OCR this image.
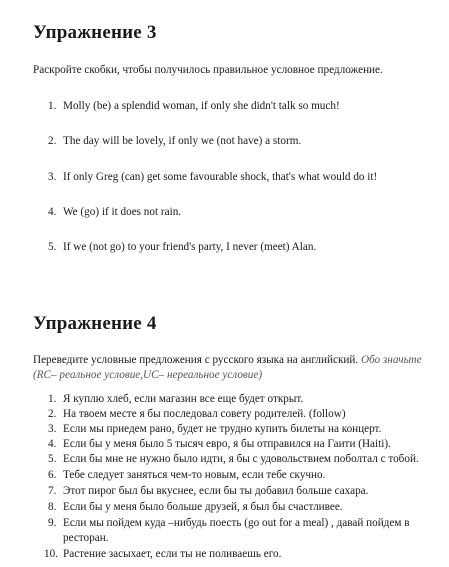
Упражнение 3
Раскройте скобки, чтобы получилось правильное условное предложение.
1. Molly (be) a splendid woman, if only she didn't talk so much!
2. The day will be lovely, if only we (not have) a storm.
3. If only Greg (can) get some favourable shock, that's what would do it!
4. We (go) if it does not rain.
5. If we (not go) to your friend's party, I never (meet) Alan.
Упражнение 4
Переведите условные предложения с русского языка на английский. Обо значьте (RC– реальное условие,UC– нереальное условие)
1. Я куплю хлеб, если магазин все еще будет открыт.
2. На твоем месте я бы последовал совету родителей. (follow)
3. Если мы приедем рано, будет не трудно купить билеты на концерт.
4. Если бы у меня было 5 тысяч евро, я бы отправился на Гаити (Haiti).
5. Если бы мне не нужно было идти, я бы с удовольствием поболтал с тобой.
6. Тебе следует заняться чем-то новым, если тебе скучно.
7. Этот пирог был бы вкуснее, если бы ты добавил больше сахара.
8. Если бы у меня было больше друзей, я был бы счастливее.
9. Если мы пойдем куда –нибудь поесть (go out for a meal) , давай пойдем в
ресторан.
10. Растение засыхает, если ты не поливаешь его.
